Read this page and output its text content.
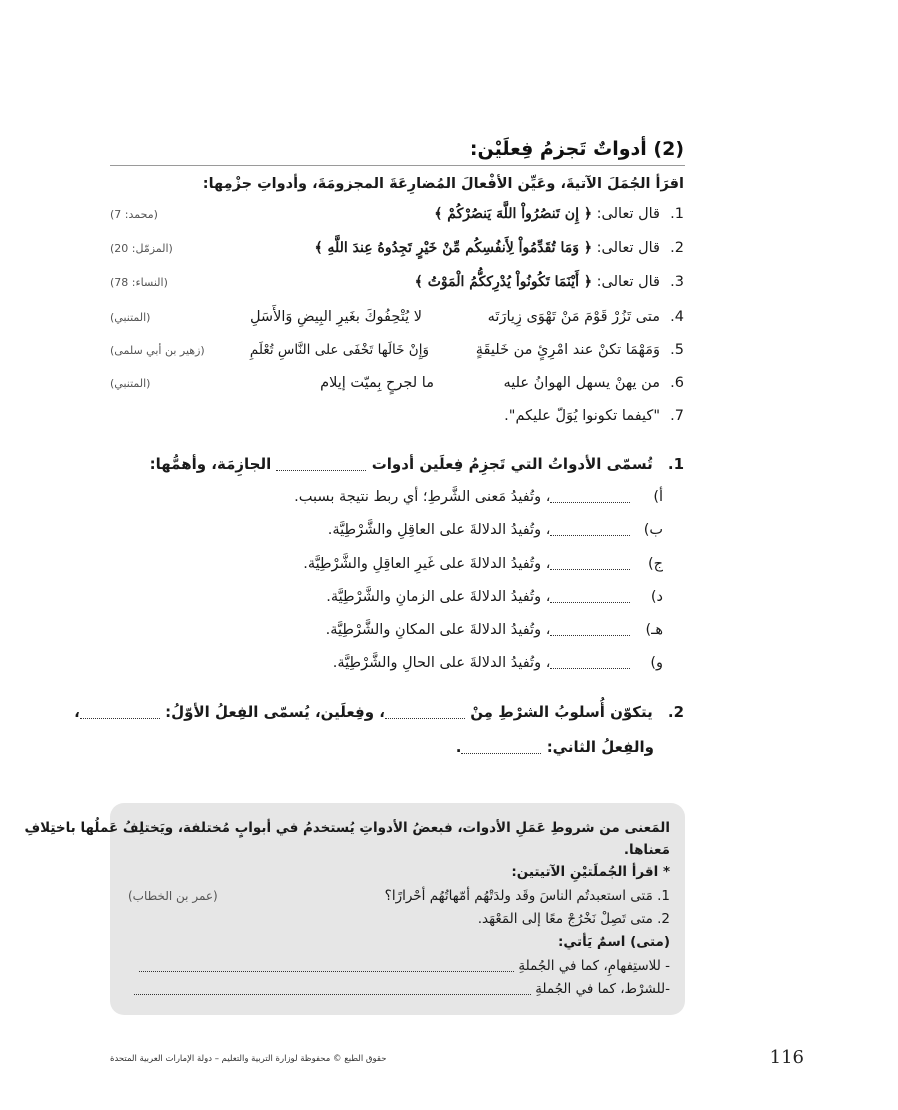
(2) أدواتٌ تَجزمُ فِعلَيْن:
اقرَأ الجُمَلَ الآتيةَ، وعَيِّن الأفْعالَ المُضارِعَةَ المجزومَةَ، وأدواتِ جزْمِها:
1.
قال تعالى: ﴿ إِن تَنصُرُواْ اللَّهَ يَنصُرْكُمْ ﴾
(محمد: 7)
2.
قال تعالى: ﴿ وَمَا تُقَدِّمُواْ لِأَنفُسِكُم مِّنْ خَيْرٍ تَجِدُوهُ عِندَ اللَّهِ ﴾
(المزمّل: 20)
3.
قال تعالى: ﴿ أَيْنَمَا تَكُونُواْ يُدْرِككُّمُ الْمَوْتُ ﴾
(النساء: 78)
4.
متى تَزُرْ قَوْمَ مَنْ تَهْوَى زِيارَتَه
لا يُتْحِفُوكَ بغَيرِ البِيضِ وَالأَسَلِ
(المتنبي)
5.
وَمَهْمَا تكنْ عند امْرِئٍ من خَليقَةٍ
وَإِنْ خَالَها تَخْفَى على النَّاسِ تُعْلَمِ
(زهير بن أبي سلمى)
6.
من يهنْ يسهل الهوانُ عليه
ما لجرحٍ بِميّت إيلام
(المتنبي)
7.
"كيفما تكونوا يُوَلّ عليكم".
1. تُسمّى الأدواتُ التي تَجزِمُ فِعلَين أدوات  الجازِمَة، وأهمُّها:
أ) ، وتُفيدُ مَعنى الشَّرطِ؛ أي ربط نتيجة بسبب.
ب) ، وتُفيدُ الدلالةَ على العاقِلِ والشَّرْطِيَّة.
ج) ، وتُفيدُ الدلالةَ على غَيرِ العاقِلِ والشَّرْطِيَّة.
د) ، وتُفيدُ الدلالةَ على الزمانِ والشَّرْطِيَّة.
هـ) ، وتُفيدُ الدلالةَ على المكانِ والشَّرْطِيَّة.
و) ، وتُفيدُ الدلالةَ على الحالِ والشَّرْطِيَّة.
2. يتكوّن أُسلوبُ الشرْطِ مِنْ ، وفِعلَين، يُسمّى الفِعلُ الأوّلُ: ،
والفِعلُ الثاني: .
المَعنى من شروطِ عَمَلِ الأدوات، فبعضُ الأدواتِ يُستخدمُ في أبوابٍ مُختلفة، ويَختلِفُ عَملُها باختِلافِ
مَعناها.
* اقرأ الجُملَتيْنِ الآتيتين:
1. مَتى استعبدتُم الناسَ وقَد ولدَتْهُم أمّهاتُهُم أحْرارًا؟
(عمر بن الخطاب)
2. متى تَصِلْ نَخْرُجْ معًا إلى المَعْهَد.
(متى) اسمٌ يَأتي:
- للاستِفهامِ، كما في الجُملةِ
-للشرْط، كما في الجُملةِ
حقوق الطبع © محفوظة لوزارة التربية والتعليم – دولة الإمارات العربية المتحدة	116
